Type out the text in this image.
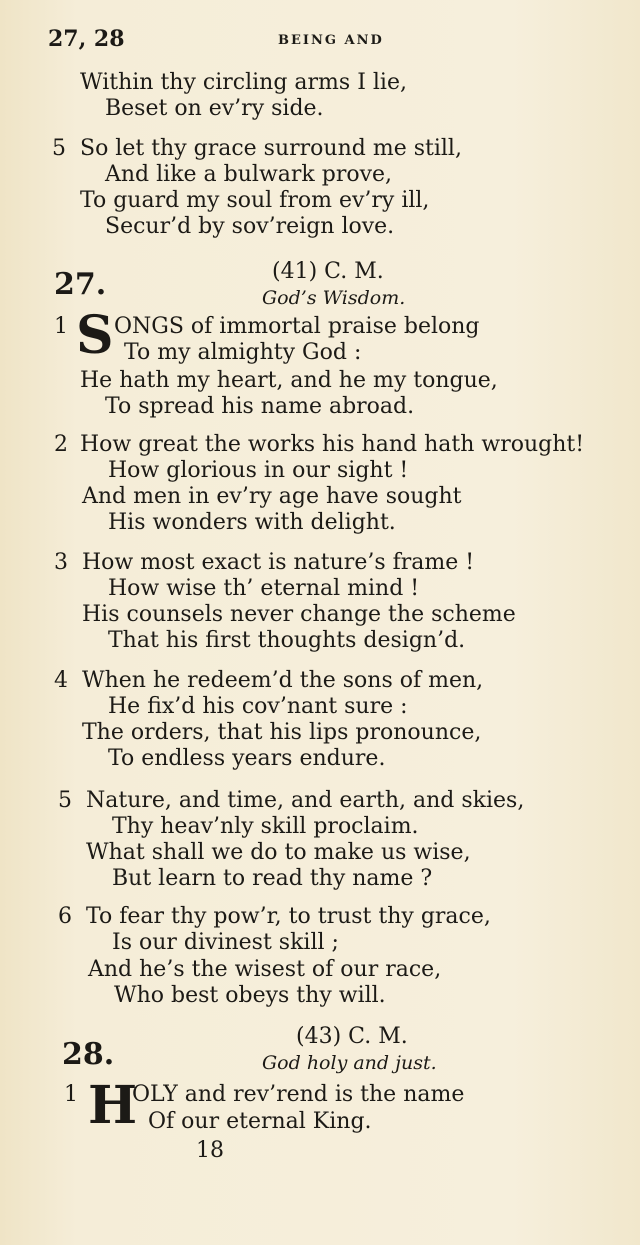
27, 28	BEING AND
Within thy circling arms I lie,
Beset on ev’ry side.
5 So let thy grace surround me still,
And like a bulwark prove,
To guard my soul from ev’ry ill,
Secur’d by sov’reign love.
27.	(41) C. M.
God’s Wisdom.
1 S ONGS of immortal praise belong
To my almighty God :
He hath my heart, and he my tongue,
To spread his name abroad.
2 How great the works his hand hath wrought!
How glorious in our sight !
And men in ev’ry age have sought
His wonders with delight.
3 How most exact is nature’s frame !
How wise th’ eternal mind !
His counsels never change the scheme
That his first thoughts design’d.
4 When he redeem’d the sons of men,
He fix’d his cov’nant sure :
The orders, that his lips pronounce,
To endless years endure.
5 Nature, and time, and earth, and skies,
Thy heav’nly skill proclaim.
What shall we do to make us wise,
But learn to read thy name ?
6 To fear thy pow’r, to trust thy grace,
Is our divinest skill ;
And he’s the wisest of our race,
Who best obeys thy will.
28.
(43) C. M.
God holy and just.
1 H
OLY and rev’rend is the name
Of our eternal King.
18
